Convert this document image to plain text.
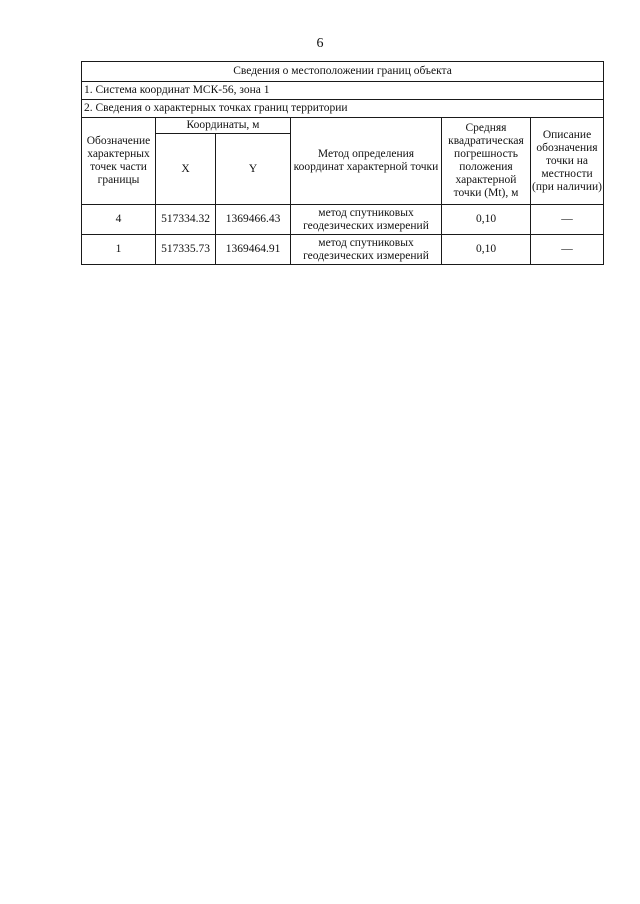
6
Сведения о местоположении границ объекта					
1. Система координат МСК-56, зона 1					
2. Сведения о характерных точках границ территории					
Обозначение характерных точек части границы	Координаты, м		Метод определения координат характерной точки	Средняя квадратическая погрешность положения характерной точки (Mt), м	Описание обозначения точки на местности (при наличии)
	X	Y			
4	517334.32	1369466.43	метод спутниковых геодезических измерений	0,10	—
1	517335.73	1369464.91	метод спутниковых геодезических измерений	0,10	—
